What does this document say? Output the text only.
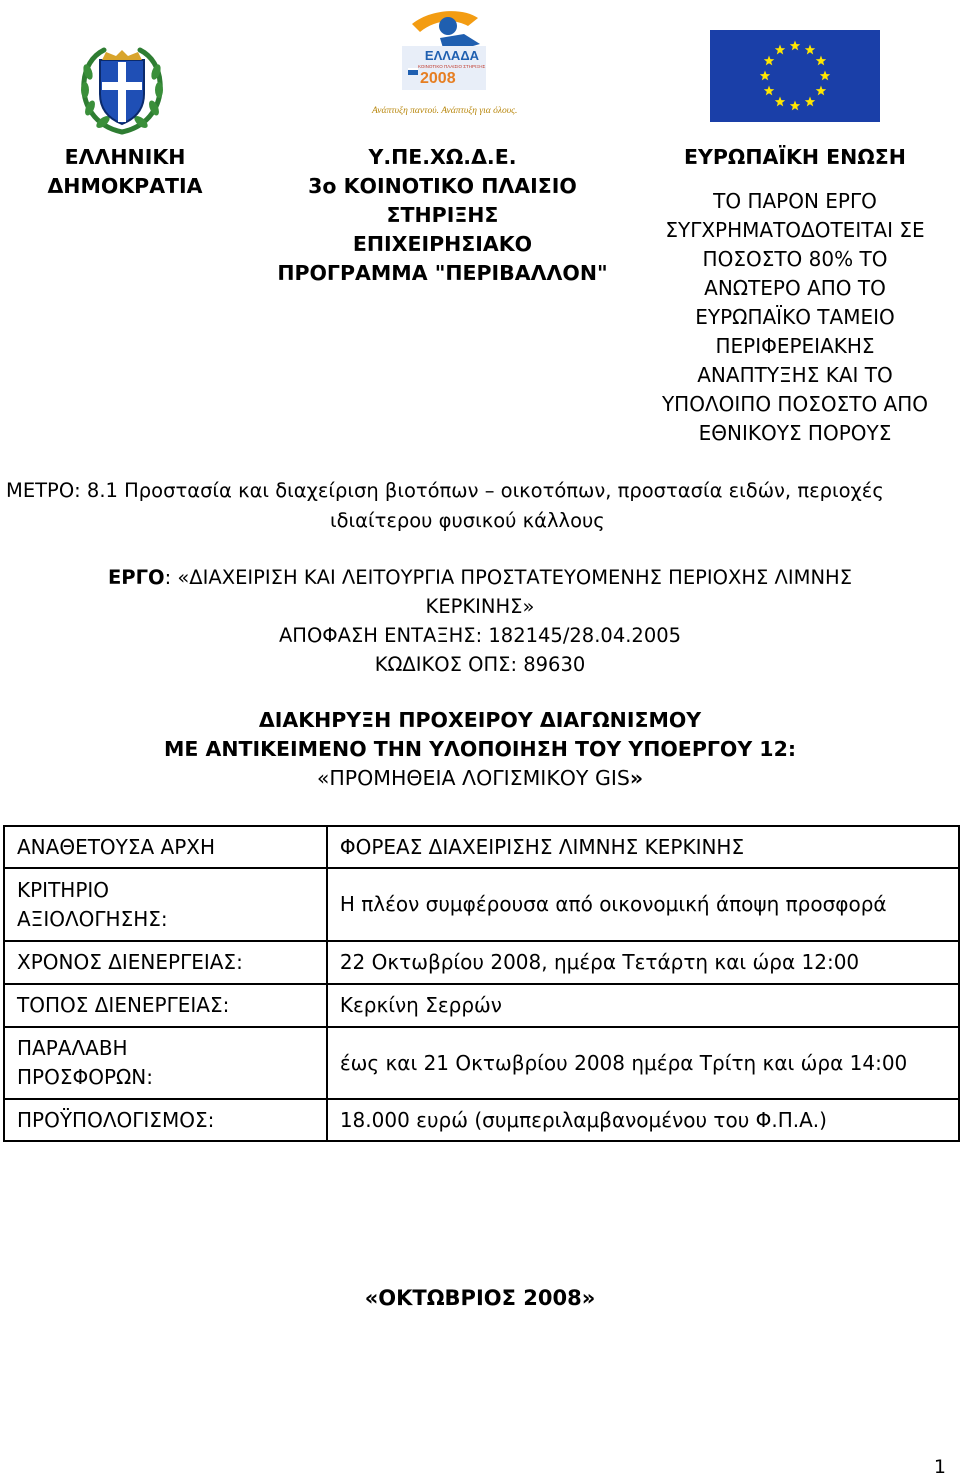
ΕΛΛΑΔΑ
ΚΟΙΝΟΤΙΚΟ ΠΛΑΙΣΙΟ ΣΤΗΡΙΞΗΣ
2008
Ανάπτυξη παντού. Ανάπτυξη για όλους.
ΕΛΛΗΝΙΚΗ
ΔΗΜΟΚΡΑΤΙΑ
Υ.ΠΕ.ΧΩ.Δ.Ε.
3ο ΚΟΙΝΟΤΙΚΟ ΠΛΑΙΣΙΟ
ΣΤΗΡΙΞΗΣ
ΕΠΙΧΕΙΡΗΣΙΑΚΟ
ΠΡΟΓΡΑΜΜΑ "ΠΕΡΙΒΑΛΛΟΝ"
ΕΥΡΩΠΑΪΚΗ ΕΝΩΣΗ
ΤΟ ΠΑΡΟΝ ΕΡΓΟ
ΣΥΓΧΡΗΜΑΤΟΔΟΤΕΙΤΑΙ ΣΕ
ΠΟΣΟΣΤΟ 80% ΤΟ
ΑΝΩΤΕΡΟ ΑΠΟ ΤΟ
ΕΥΡΩΠΑΪΚΟ ΤΑΜΕΙΟ
ΠΕΡΙΦΕΡΕΙΑΚΗΣ
ΑΝΑΠΤΥΞΗΣ ΚΑΙ ΤΟ
ΥΠΟΛΟΙΠΟ ΠΟΣΟΣΤΟ ΑΠΟ
ΕΘΝΙΚΟΥΣ ΠΟΡΟΥΣ
ΜΕΤΡΟ: 8.1 Προστασία και διαχείριση βιοτόπων – οικοτόπων, προστασία ειδών, περιοχές
ιδιαίτερου φυσικού κάλλους
ΕΡΓΟ: «ΔΙΑΧΕΙΡΙΣΗ ΚΑΙ ΛΕΙΤΟΥΡΓΙΑ ΠΡΟΣΤΑΤΕΥΟΜΕΝΗΣ ΠΕΡΙΟΧΗΣ ΛΙΜΝΗΣ
ΚΕΡΚΙΝΗΣ»
ΑΠΟΦΑΣΗ ΕΝΤΑΞΗΣ: 182145/28.04.2005
ΚΩΔΙΚΟΣ ΟΠΣ: 89630
ΔΙΑΚΗΡΥΞΗ ΠΡΟΧΕΙΡΟΥ ΔΙΑΓΩΝΙΣΜΟΥ
ΜΕ ΑΝΤΙΚΕΙΜΕΝΟ ΤΗΝ ΥΛΟΠΟΙΗΣΗ ΤΟΥ ΥΠΟΕΡΓΟΥ 12:
«ΠΡΟΜΗΘΕΙΑ ΛΟΓΙΣΜΙΚΟΥ GIS»
ΑΝΑΘΕΤΟΥΣΑ ΑΡΧΗ	ΦΟΡΕΑΣ ΔΙΑΧΕΙΡΙΣΗΣ ΛΙΜΝΗΣ ΚΕΡΚΙΝΗΣ
ΚΡΙΤΗΡΙΟ ΑΞΙΟΛΟΓΗΣΗΣ:	Η πλέον συμφέρουσα από οικονομική άποψη προσφορά
ΧΡΟΝΟΣ ΔΙΕΝΕΡΓΕΙΑΣ:	22 Οκτωβρίου 2008, ημέρα Τετάρτη και ώρα 12:00
ΤΟΠΟΣ ΔΙΕΝΕΡΓΕΙΑΣ:	Κερκίνη Σερρών
ΠΑΡΑΛΑΒΗ ΠΡΟΣΦΟΡΩΝ:	έως και 21 Οκτωβρίου 2008 ημέρα Τρίτη και ώρα 14:00
ΠΡΟΫΠΟΛΟΓΙΣΜΟΣ:	18.000 ευρώ (συμπεριλαμβανομένου του Φ.Π.Α.)
«ΟΚΤΩΒΡΙΟΣ 2008»
1
